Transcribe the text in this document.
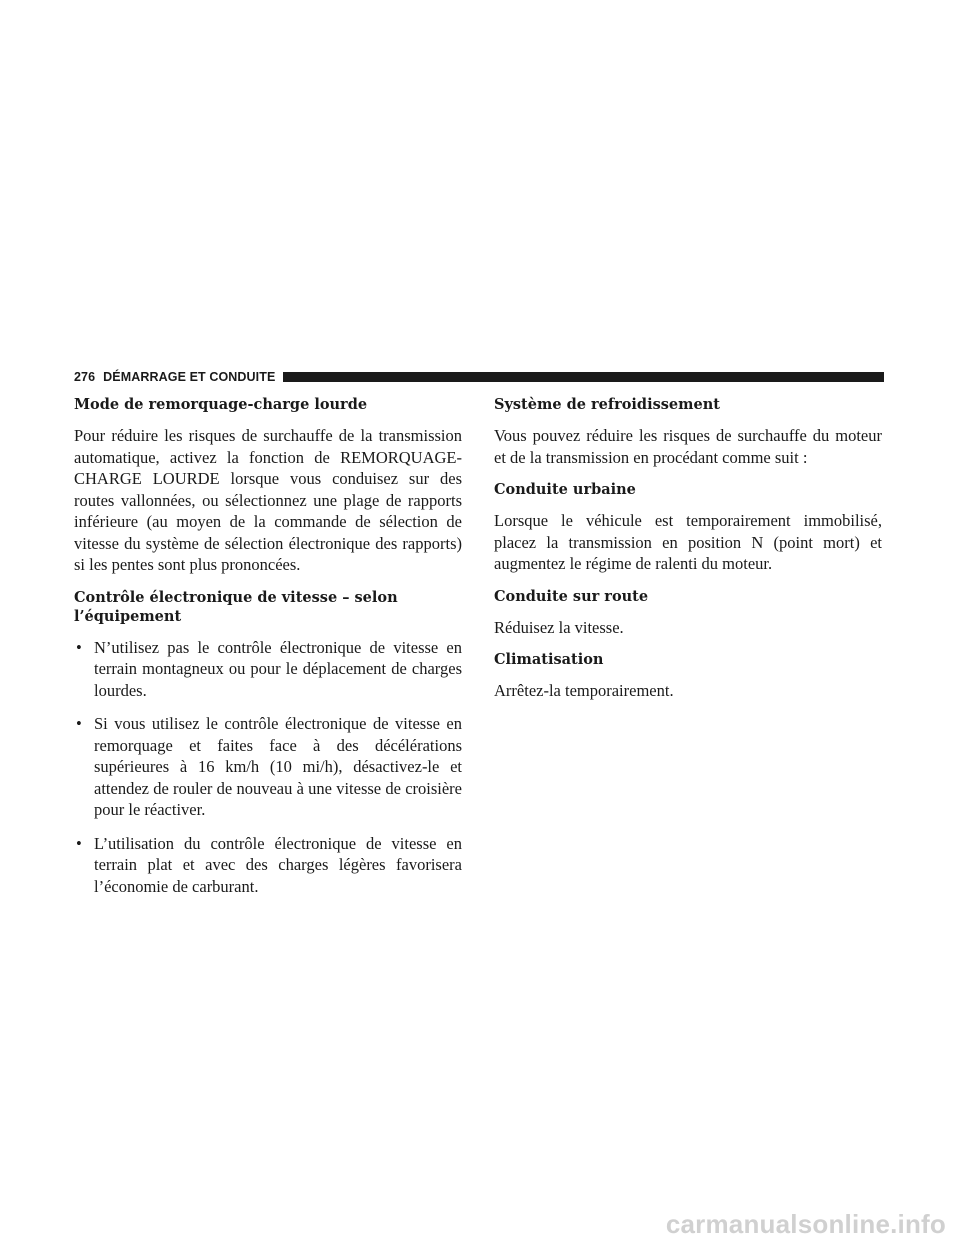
276 DÉMARRAGE ET CONDUITE
Mode de remorquage-charge lourde

Pour réduire les risques de surchauffe de la transmission automatique, activez la fonction de REMORQUAGE-CHARGE LOURDE lorsque vous conduisez sur des routes vallonnées, ou sélectionnez une plage de rapports inférieure (au moyen de la commande de sélection de vitesse du système de sélection électronique des rapports) si les pentes sont plus prononcées.

Contrôle électronique de vitesse – selon
l’équipement
• N’utilisez pas le contrôle électronique de vitesse en terrain montagneux ou pour le déplacement de charges lourdes.
• Si vous utilisez le contrôle électronique de vitesse en remorquage et faites face à des décélérations supérieures à 16 km/h (10 mi/h), désactivez-le et attendez de rouler de nouveau à une vitesse de croisière pour le réactiver.
• L’utilisation du contrôle électronique de vitesse en terrain plat et avec des charges légères favorisera l’économie de carburant.
Système de refroidissement

Vous pouvez réduire les risques de surchauffe du moteur et de la transmission en procédant comme suit :

Conduite urbaine

Lorsque le véhicule est temporairement immobilisé, placez la transmission en position N (point mort) et augmentez le régime de ralenti du moteur.

Conduite sur route

Réduisez la vitesse.

Climatisation

Arrêtez-la temporairement.

carmanualsonline.info
